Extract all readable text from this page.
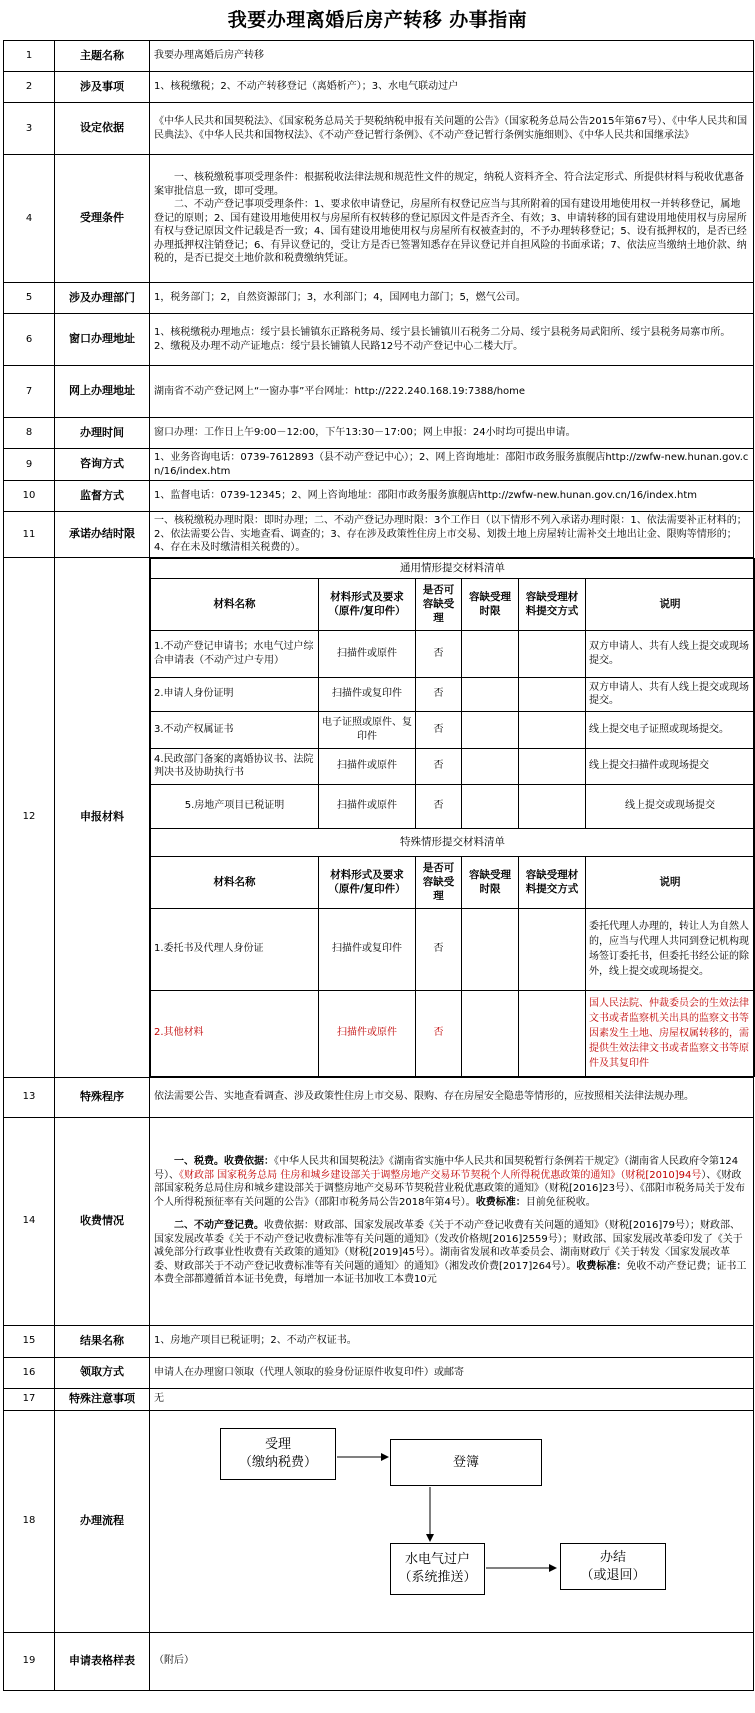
我要办理离婚后房产转移 办事指南
1	主题名称	我要办理离婚后房产转移
2	涉及事项	1、核税缴税；2、不动产转移登记（离婚析产）；3、水电气联动过户
3	设定依据	《中华人民共和国契税法》、《国家税务总局关于契税纳税申报有关问题的公告》（国家税务总局公告2015年第67号）、《中华人民共和国民典法》、《中华人民共和国物权法》、《不动产登记暂行条例》、《不动产登记暂行条例实施细则》、《中华人民共和国继承法》
4	受理条件	
一、核税缴税事项受理条件：根据税收法律法规和规范性文件的规定，纳税人资料齐全、符合法定形式、所提供材料与税收优惠备案审批信息一致，即可受理。
二、不动产登记事项受理条件：1、要求依申请登记，房屋所有权登记应当与其所附着的国有建设用地使用权一并转移登记，属地登记的原则；2、国有建设用地使用权与房屋所有权转移的登记原因文件是否齐全、有效；3、申请转移的国有建设用地使用权与房屋所有权与登记原因文件记载是否一致；4、国有建设用地使用权与房屋所有权被查封的，不予办理转移登记；5、设有抵押权的，是否已经办理抵押权注销登记；6、有异议登记的，受让方是否已签署知悉存在异议登记并自担风险的书面承诺；7、依法应当缴纳土地价款、纳税的，是否已提交土地价款和税费缴纳凭证。

5	涉及办理部门	1，税务部门；2，自然资源部门；3，水利部门；4，国网电力部门；5，燃气公司。
6	窗口办理地址	1、核税缴税办理地点：绥宁县长铺镇东正路税务局、绥宁县长铺镇川石税务二分局、绥宁县税务局武阳所、绥宁县税务局寨市所。 2、缴税及办理不动产证地点：绥宁县长铺镇人民路12号不动产登记中心二楼大厅。
7	网上办理地址	湖南省不动产登记网上“一窗办事”平台网址：http://222.240.168.19:7388/home
8	办理时间	窗口办理：工作日上午9:00－12:00，下午13:30－17:00；网上申报：24小时均可提出申请。
9	咨询方式	1、业务咨询电话：0739-7612893（县不动产登记中心）；2、网上咨询地址：邵阳市政务服务旗舰店http://zwfw-new.hunan.gov.cn/16/index.htm
10	监督方式	1、监督电话：0739-12345；2、网上咨询地址：邵阳市政务服务旗舰店http://zwfw-new.hunan.gov.cn/16/index.htm
11	承诺办结时限	一、核税缴税办理时限：即时办理；二、不动产登记办理时限：3个工作日（以下情形不列入承诺办理时限：1、依法需要补正材料的；2、依法需要公告、实地查看、调查的；3、存在涉及政策性住房上市交易、划拨土地上房屋转让需补交土地出让金、限购等情形的；4、存在未及时缴清相关税费的）。
12	申报材料	
通用情形提交材料清单
材料名称	材料形式及要求（原件/复印件）	是否可容缺受理	容缺受理时限	容缺受理材料提交方式	说明
1.不动产登记申请书；水电气过户综合申请表（不动产过户专用）	扫描件或原件	否			双方申请人、共有人线上提交或现场提交。
2.申请人身份证明	扫描件或复印件	否			双方申请人、共有人线上提交或现场提交。
3.不动产权属证书	电子证照或原件、复印件	否			线上提交电子证照或现场提交。
4.民政部门备案的离婚协议书、法院判决书及协助执行书	扫描件或原件	否			线上提交扫描件或现场提交
5.房地产项目已税证明	扫描件或原件	否			线上提交或现场提交
特殊情形提交材料清单
材料名称	材料形式及要求（原件/复印件）	是否可容缺受理	容缺受理时限	容缺受理材料提交方式	说明
1.委托书及代理人身份证	扫描件或复印件	否			委托代理人办理的，转让人为自然人的，应当与代理人共同到登记机构现场签订委托书，但委托书经公证的除外，线上提交或现场提交。
2.其他材料	扫描件或原件	否			国人民法院、仲裁委员会的生效法律文书或者监察机关出具的监察文书等因素发生土地、房屋权属转移的，需提供生效法律文书或者监察文书等原件及其复印件

13	特殊程序	依法需要公告、实地查看调查、涉及政策性住房上市交易、限购、存在房屋安全隐患等情形的，应按照相关法律法规办理。
14	收费情况	
一、税费。收费依据：《中华人民共和国契税法》《湖南省实施中华人民共和国契税暂行条例若干规定》（湖南省人民政府令第124号）、《财政部 国家税务总局 住房和城乡建设部关于调整房地产交易环节契税个人所得税优惠政策的通知》（财税[2010]94号）、《财政部国家税务总局住房和城乡建设部关于调整房地产交易环节契税营业税优惠政策的通知》（财税[2016]23号）、《邵阳市税务局关于发布个人所得税预征率有关问题的公告》（邵阳市税务局公告2018年第4号）。收费标准：目前免征税收。
二、不动产登记费。收费依据：财政部、国家发展改革委《关于不动产登记收费有关问题的通知》（财税[2016]79号）；财政部、国家发展改革委《关于不动产登记收费标准等有关问题的通知》（发改价格规[2016]2559号）；财政部、国家发展改革委印发了《关于减免部分行政事业性收费有关政策的通知》（财税[2019]45号）。湖南省发展和改革委员会、湖南财政厅《关于转发〈国家发展改革委、财政部关于不动产登记收费标准等有关问题的通知〉的通知》（湘发改价费[2017]264号）。收费标准：免收不动产登记费；证书工本费全部都遵循首本证书免费，每增加一本证书加收工本费10元

15	结果名称	1、房地产项目已税证明；2、不动产权证书。
16	领取方式	申请人在办理窗口领取（代理人领取的验身份证原件收复印件）或邮寄
17	特殊注意事项	无
18	办理流程	
受理
（缴纳税费）	登簿
水电气过户
（系统推送）
办结
（或退回）

19	申请表格样表	（附后）
